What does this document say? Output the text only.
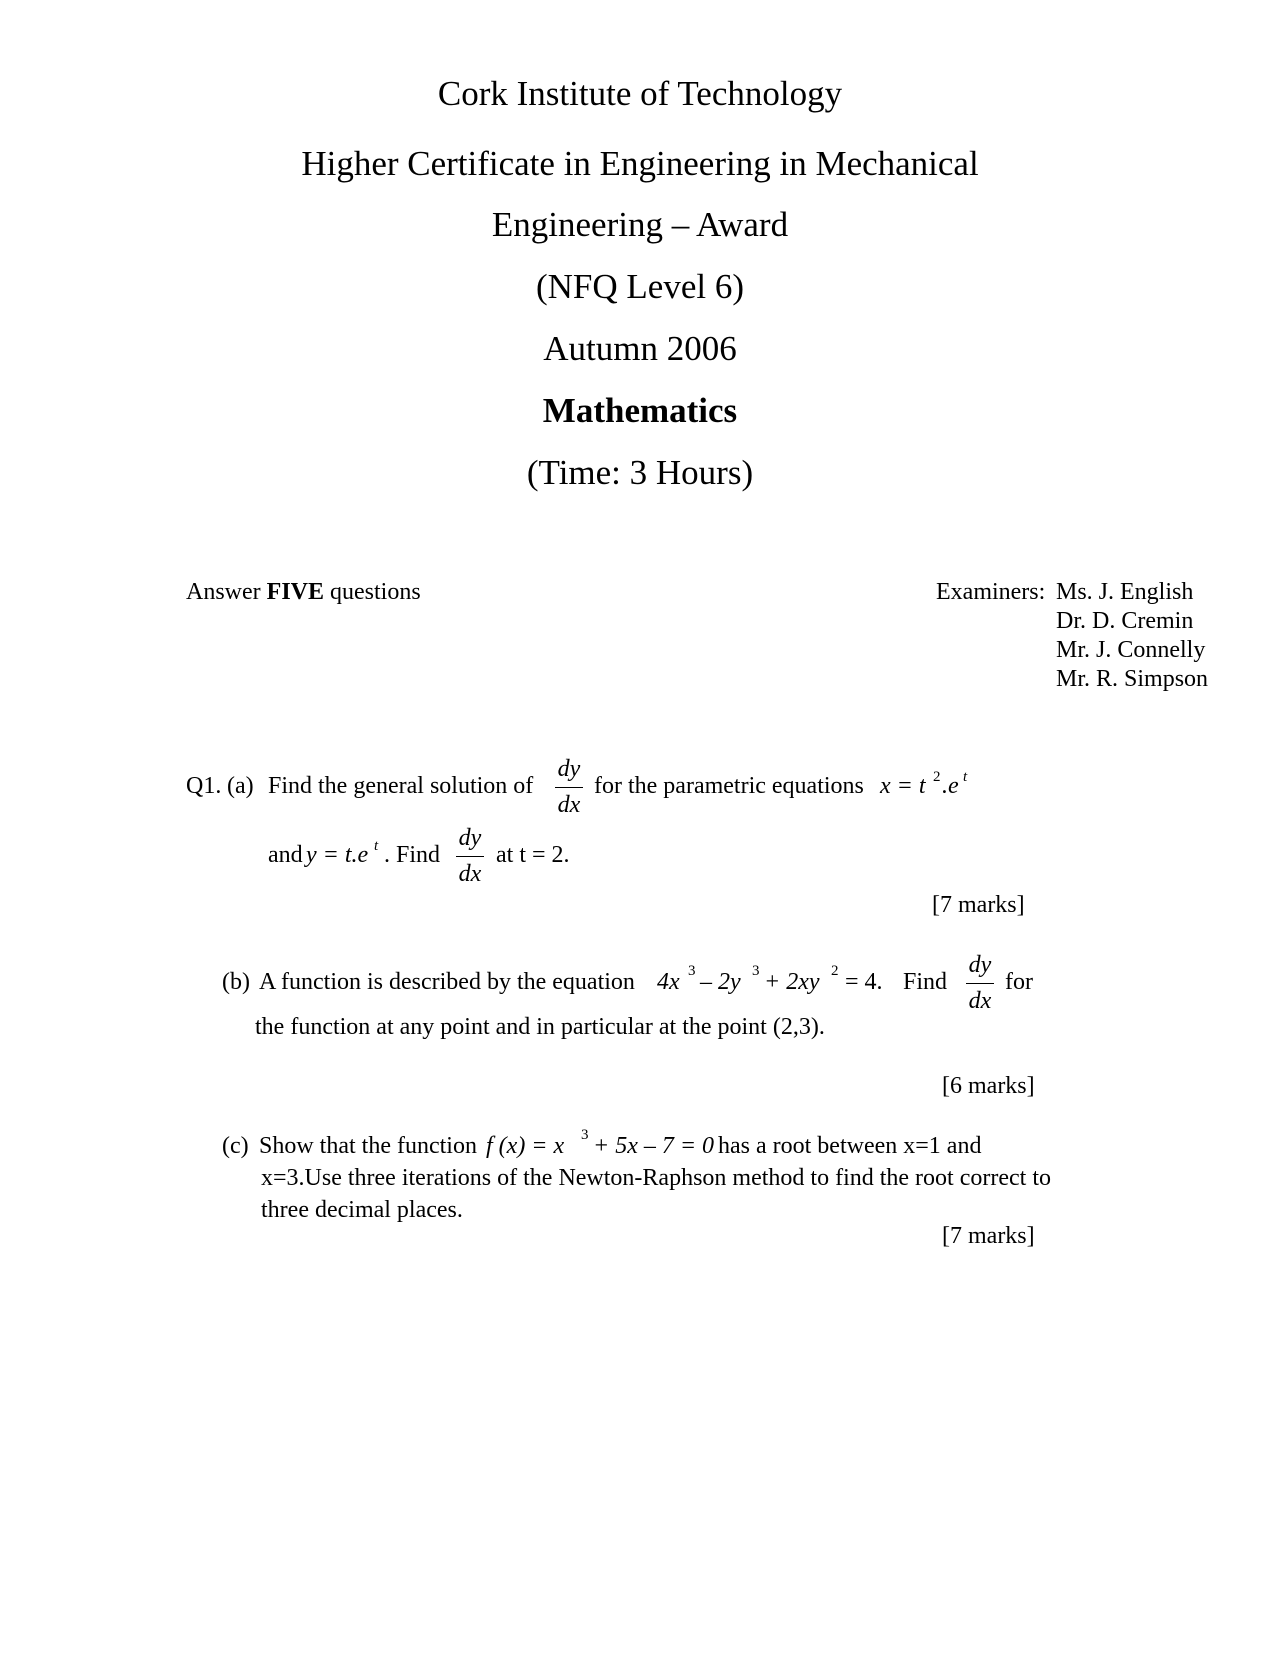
Cork Institute of Technology
Higher Certificate in Engineering in Mechanical
Engineering – Award
(NFQ Level 6)
Autumn 2006
Mathematics
(Time: 3 Hours)
Answer FIVE questions	Examiners: Ms. J. English
Dr. D. Cremin
Mr. J. Connelly
Mr. R. Simpson
Q1. (a) Find the general solution of
dy
dx
for the parametric equations x = t 2 .e t
and y = t.e t . Find
dy
dx
at t = 2.
[7 marks]
(b) A function is described by the equation 4x 3 – 2y 3 + 2xy 2 = 4. Find
dy
dx
for
the function at any point and in particular at the point (2,3).
[6 marks]
(c) Show that the function f (x) = x 3 + 5x – 7 = 0 has a root between x=1 and
x=3.Use three iterations of the Newton-Raphson method to find the root correct to
three decimal places.
[7 marks]
